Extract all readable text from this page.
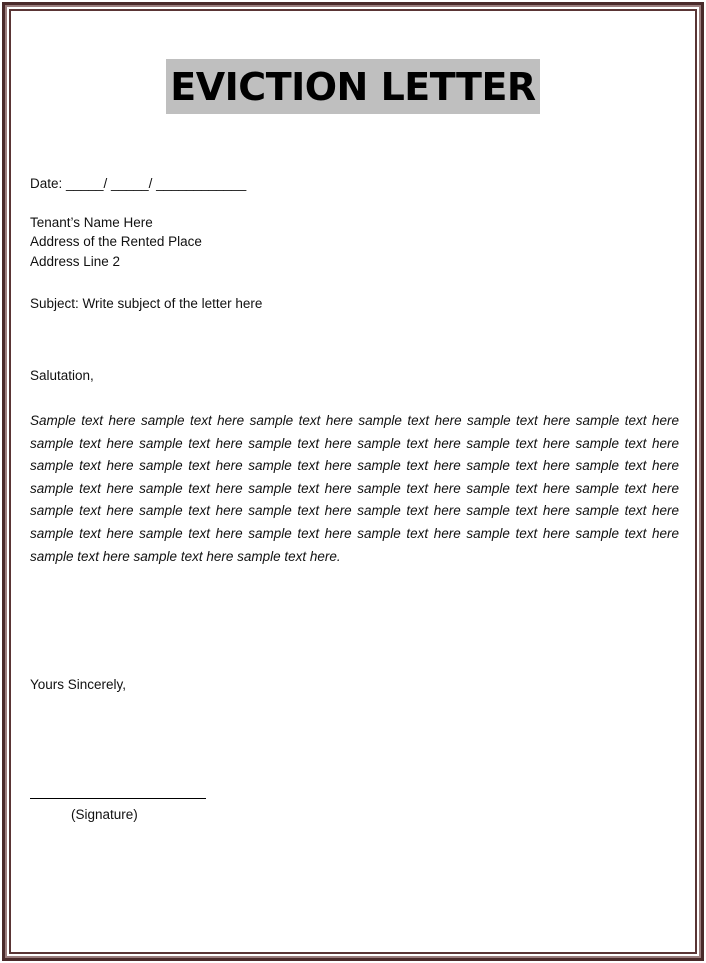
EVICTION LETTER
Date: _____/ _____/ ____________
Tenant’s Name Here
Address of the Rented Place
Address Line 2
Subject: Write subject of the letter here
Salutation,
Sample text here sample text here sample text here sample text here sample text here sample text here sample text here sample text here sample text here sample text here sample text here sample text here sample text here sample text here sample text here sample text here sample text here sample text here sample text here sample text here sample text here sample text here sample text here sample text here sample text here sample text here sample text here sample text here sample text here sample text here sample text here sample text here sample text here sample text here sample text here sample text here sample text here sample text here sample text here.
Yours Sincerely,
(Signature)
